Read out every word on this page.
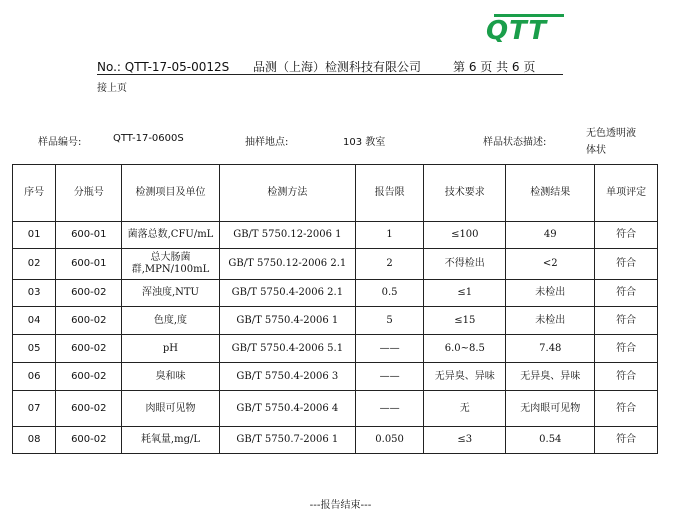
QTT
No.: QTT-17-05-0012S 品测（上海）检测科技有限公司	第 6 页 共 6 页
接上页
样品编号:	QTT-17-0600S	抽样地点:	103 教室	样品状态描述:
无色透明液
体状
序号	分瓶号	检测项目及单位	检测方法	报告限	技术要求	检测结果	单项评定
01	600-01	菌落总数,CFU/mL	GB/T 5750.12-2006 1	1	≤100	49	符合
02	600-01	总大肠菌群,MPN/100mL	GB/T 5750.12-2006 2.1	2	不得检出	<2	符合
03	600-02	浑浊度,NTU	GB/T 5750.4-2006 2.1	0.5	≤1	未检出	符合
04	600-02	色度,度	GB/T 5750.4-2006 1	5	≤15	未检出	符合
05	600-02	pH	GB/T 5750.4-2006 5.1	——	6.0~8.5	7.48	符合
06	600-02	臭和味	GB/T 5750.4-2006 3	——	无异臭、异味	无异臭、异味	符合
07	600-02	肉眼可见物	GB/T 5750.4-2006 4	——	无	无肉眼可见物	符合
08	600-02	耗氧量,mg/L	GB/T 5750.7-2006 1	0.050	≤3	0.54	符合
---报告结束---
